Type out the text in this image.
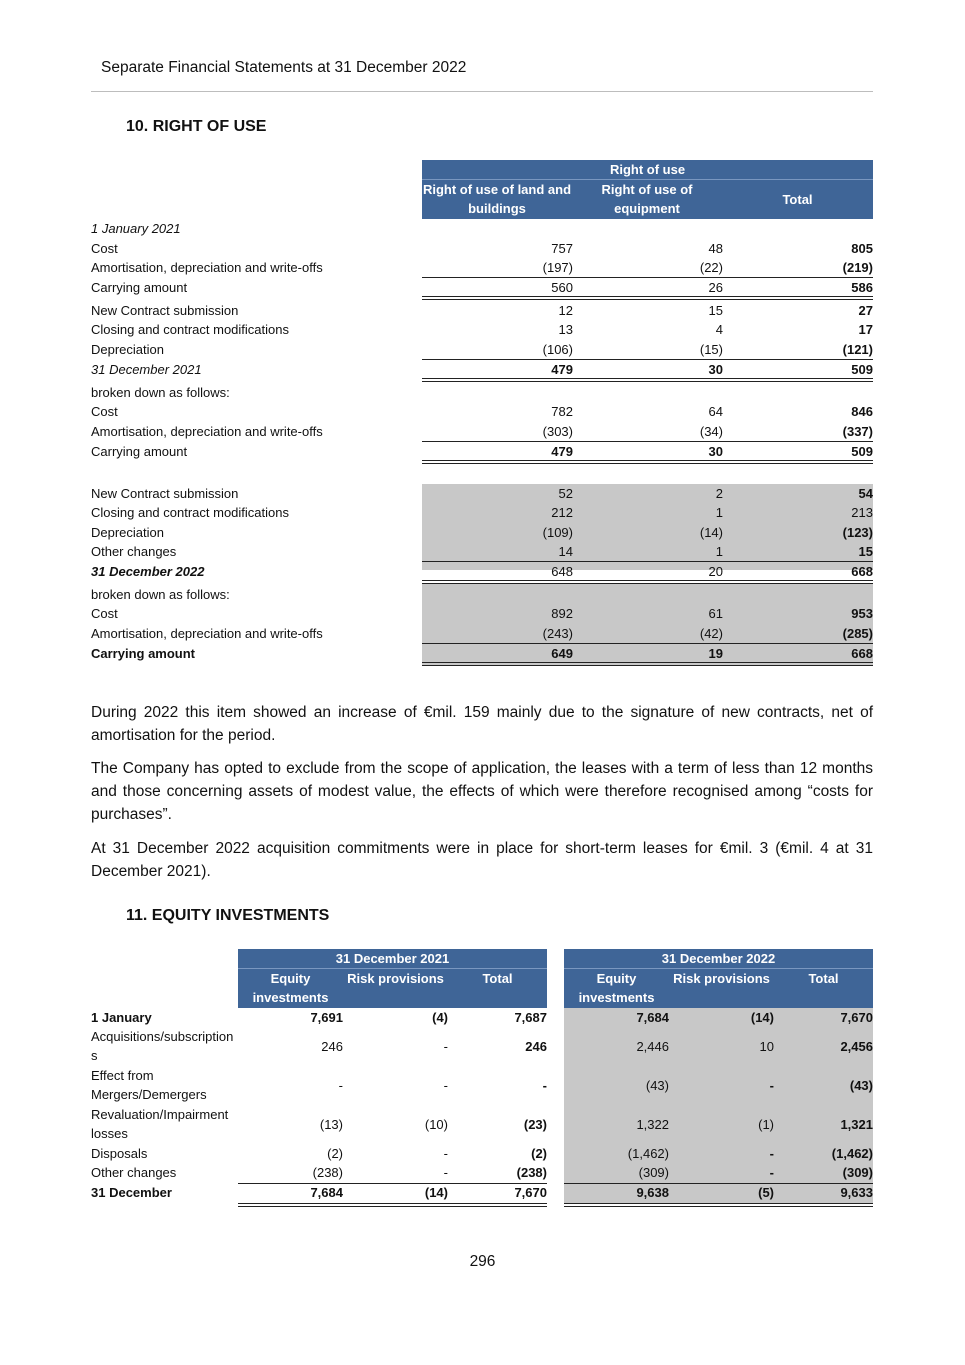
Separate Financial Statements at 31 December 2022
10. RIGHT OF USE
Right of use
Right of use of land and buildings
Right of use of equipment
Total
1 January 2021
Cost	757	48	805
Amortisation, depreciation and write-offs	(197)	(22)	(219)
Carrying amount	560	26	586
New Contract submission	12	15	27
Closing and contract modifications	13	4	17
Depreciation	(106)	(15)	(121)
31 December 2021	479	30	509
broken down as follows:
Cost	782	64	846
Amortisation, depreciation and write-offs	(303)	(34)	(337)
Carrying amount	479	30	509
New Contract submission	52	2	54
Closing and contract modifications	212	1	213
Depreciation	(109)	(14)	(123)
Other changes	14	1	15
31 December 2022	648	20	668
broken down as follows:
Cost	892	61	953
Amortisation, depreciation and write-offs	(243)	(42)	(285)
Carrying amount	649	19	668

During 2022 this item showed an increase of €mil. 159 mainly due to the signature of new contracts, net of amortisation for the period.

The Company has opted to exclude from the scope of application, the leases with a term of less than 12 months and those concerning assets of modest value, the effects of which were therefore recognised among “costs for purchases”.

At 31 December 2022 acquisition commitments were in place for short-term leases for €mil. 3 (€mil. 4 at 31 December 2021).

11. EQUITY INVESTMENTS
31 December 2021
Equity investments
Risk provisions	Total
31 December 2022
Equity investments
Risk provisions	Total
1 January	7,691	(4)	7,687	7,684	(14)	7,670
Acquisitions/subscriptions
246	-	246	2,446	10	2,456
Effect from Mergers/Demergers
-	-	-	(43)	-	(43)
Revaluation/Impairment losses
(13)	(10)	(23)	1,322	(1)	1,321
Disposals	(2)	-	(2)	(1,462)	-	(1,462)
Other changes	(238)	-	(238)	(309)	-	(309)
31 December	7,684	(14)	7,670	9,638	(5)	9,633
296
